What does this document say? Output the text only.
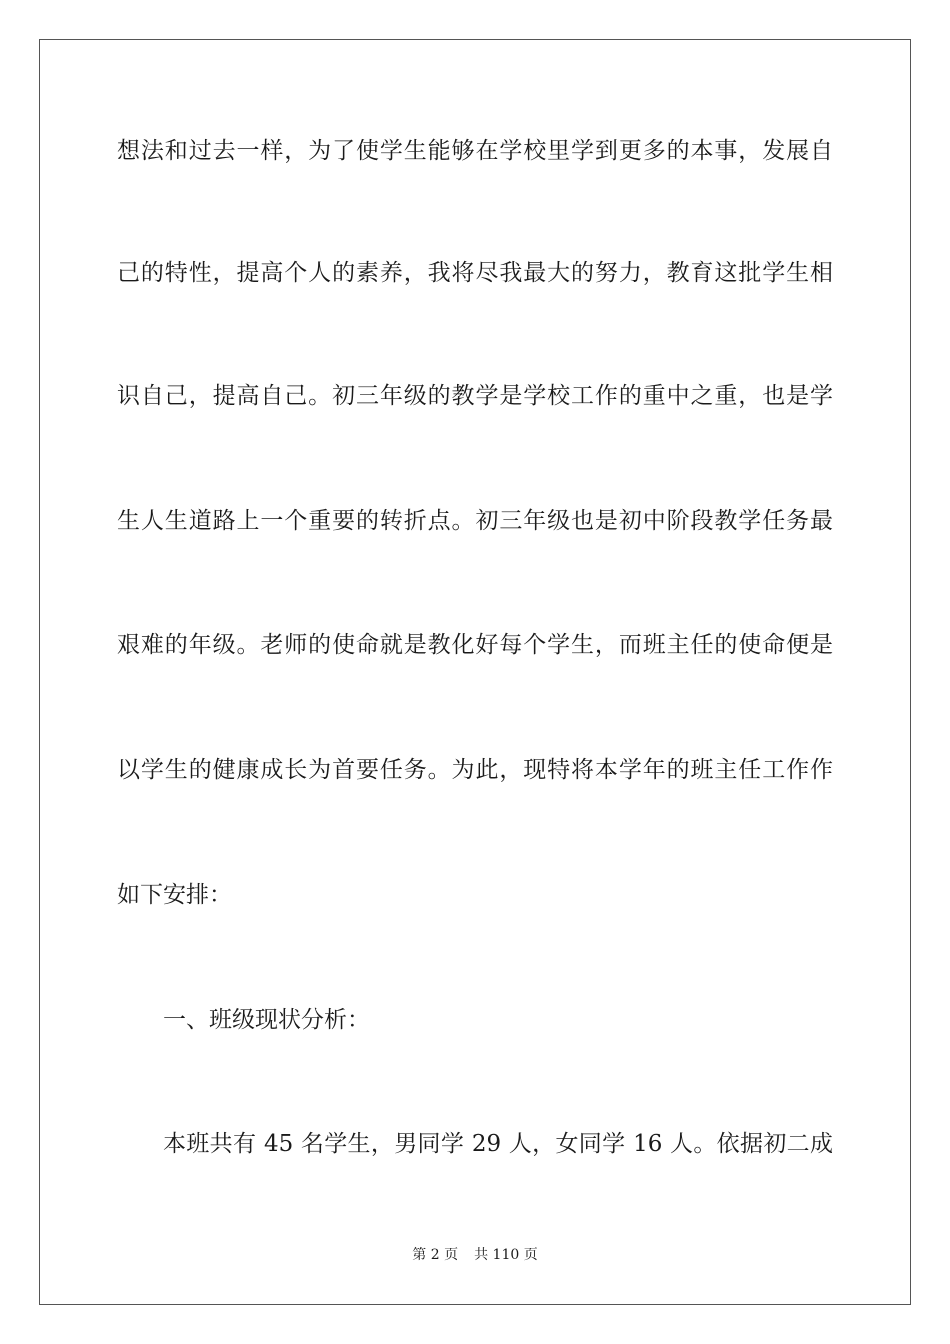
想法和过去一样，为了使学生能够在学校里学到更多的本事，发展自
己的特性，提高个人的素养，我将尽我最大的努力，教育这批学生相
识自己，提高自己。初三年级的教学是学校工作的重中之重，也是学
生人生道路上一个重要的转折点。初三年级也是初中阶段教学任务最
艰难的年级。老师的使命就是教化好每个学生，而班主任的使命便是
以学生的健康成长为首要任务。为此，现特将本学年的班主任工作作
如下安排：
一、班级现状分析：
本班共有 45 名学生，男同学 29 人，女同学 16 人。依据初二成
第 2 页 共 110 页
